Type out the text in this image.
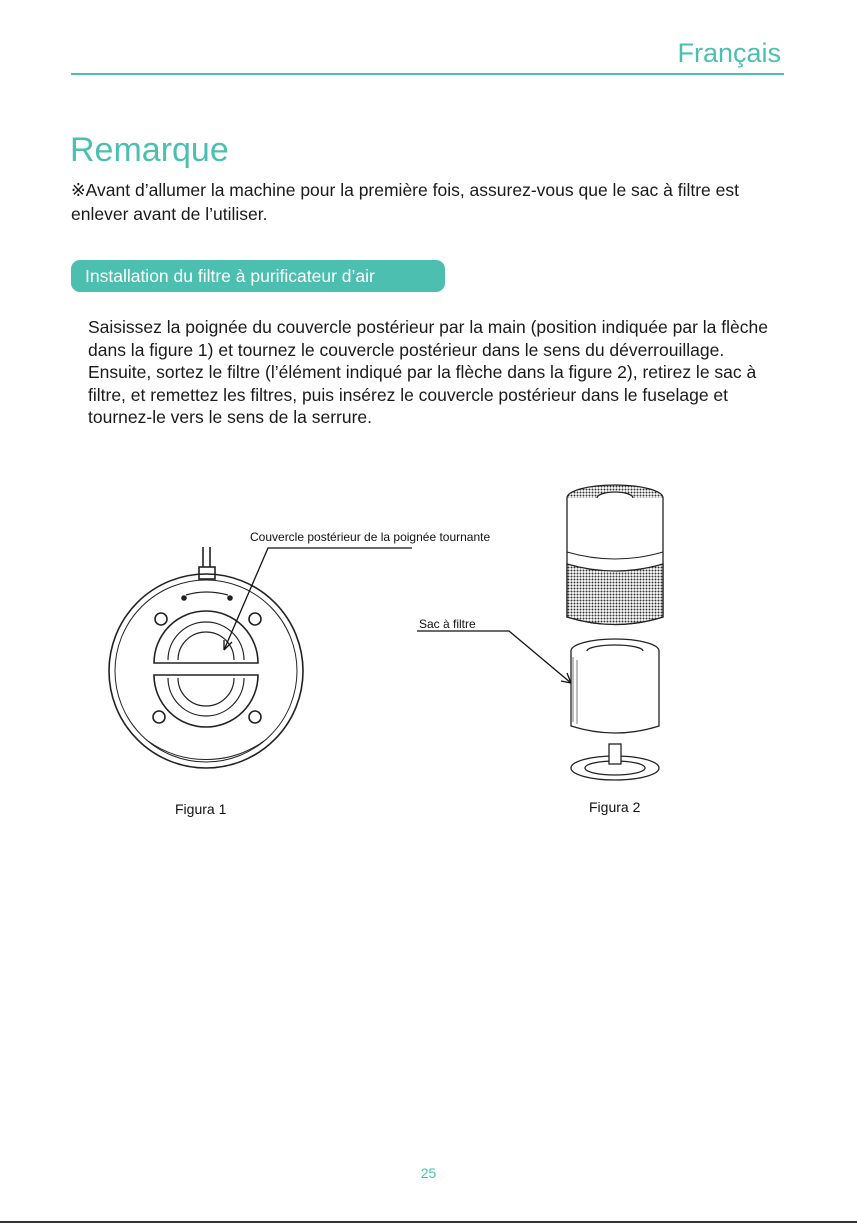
Français
Remarque

※Avant d’allumer la machine pour la première fois, assurez-vous que le sac à filtre est enlever avant de l’utiliser.

Installation du filtre à purificateur d’air

Saisissez la poignée du couvercle postérieur par la main (position indiquée par la flèche dans la figure 1) et tournez le couvercle postérieur dans le sens du déverrouillage. Ensuite, sortez le filtre (l’élément indiqué par la flèche dans la figure 2), retirez le sac à filtre, et remettez les filtres, puis insérez le couvercle postérieur dans le fuselage et tournez-le vers le sens de la serrure.

Couvercle postérieur de la poignée tournante
Sac à filtre
Figura 1	Figura 2
25
